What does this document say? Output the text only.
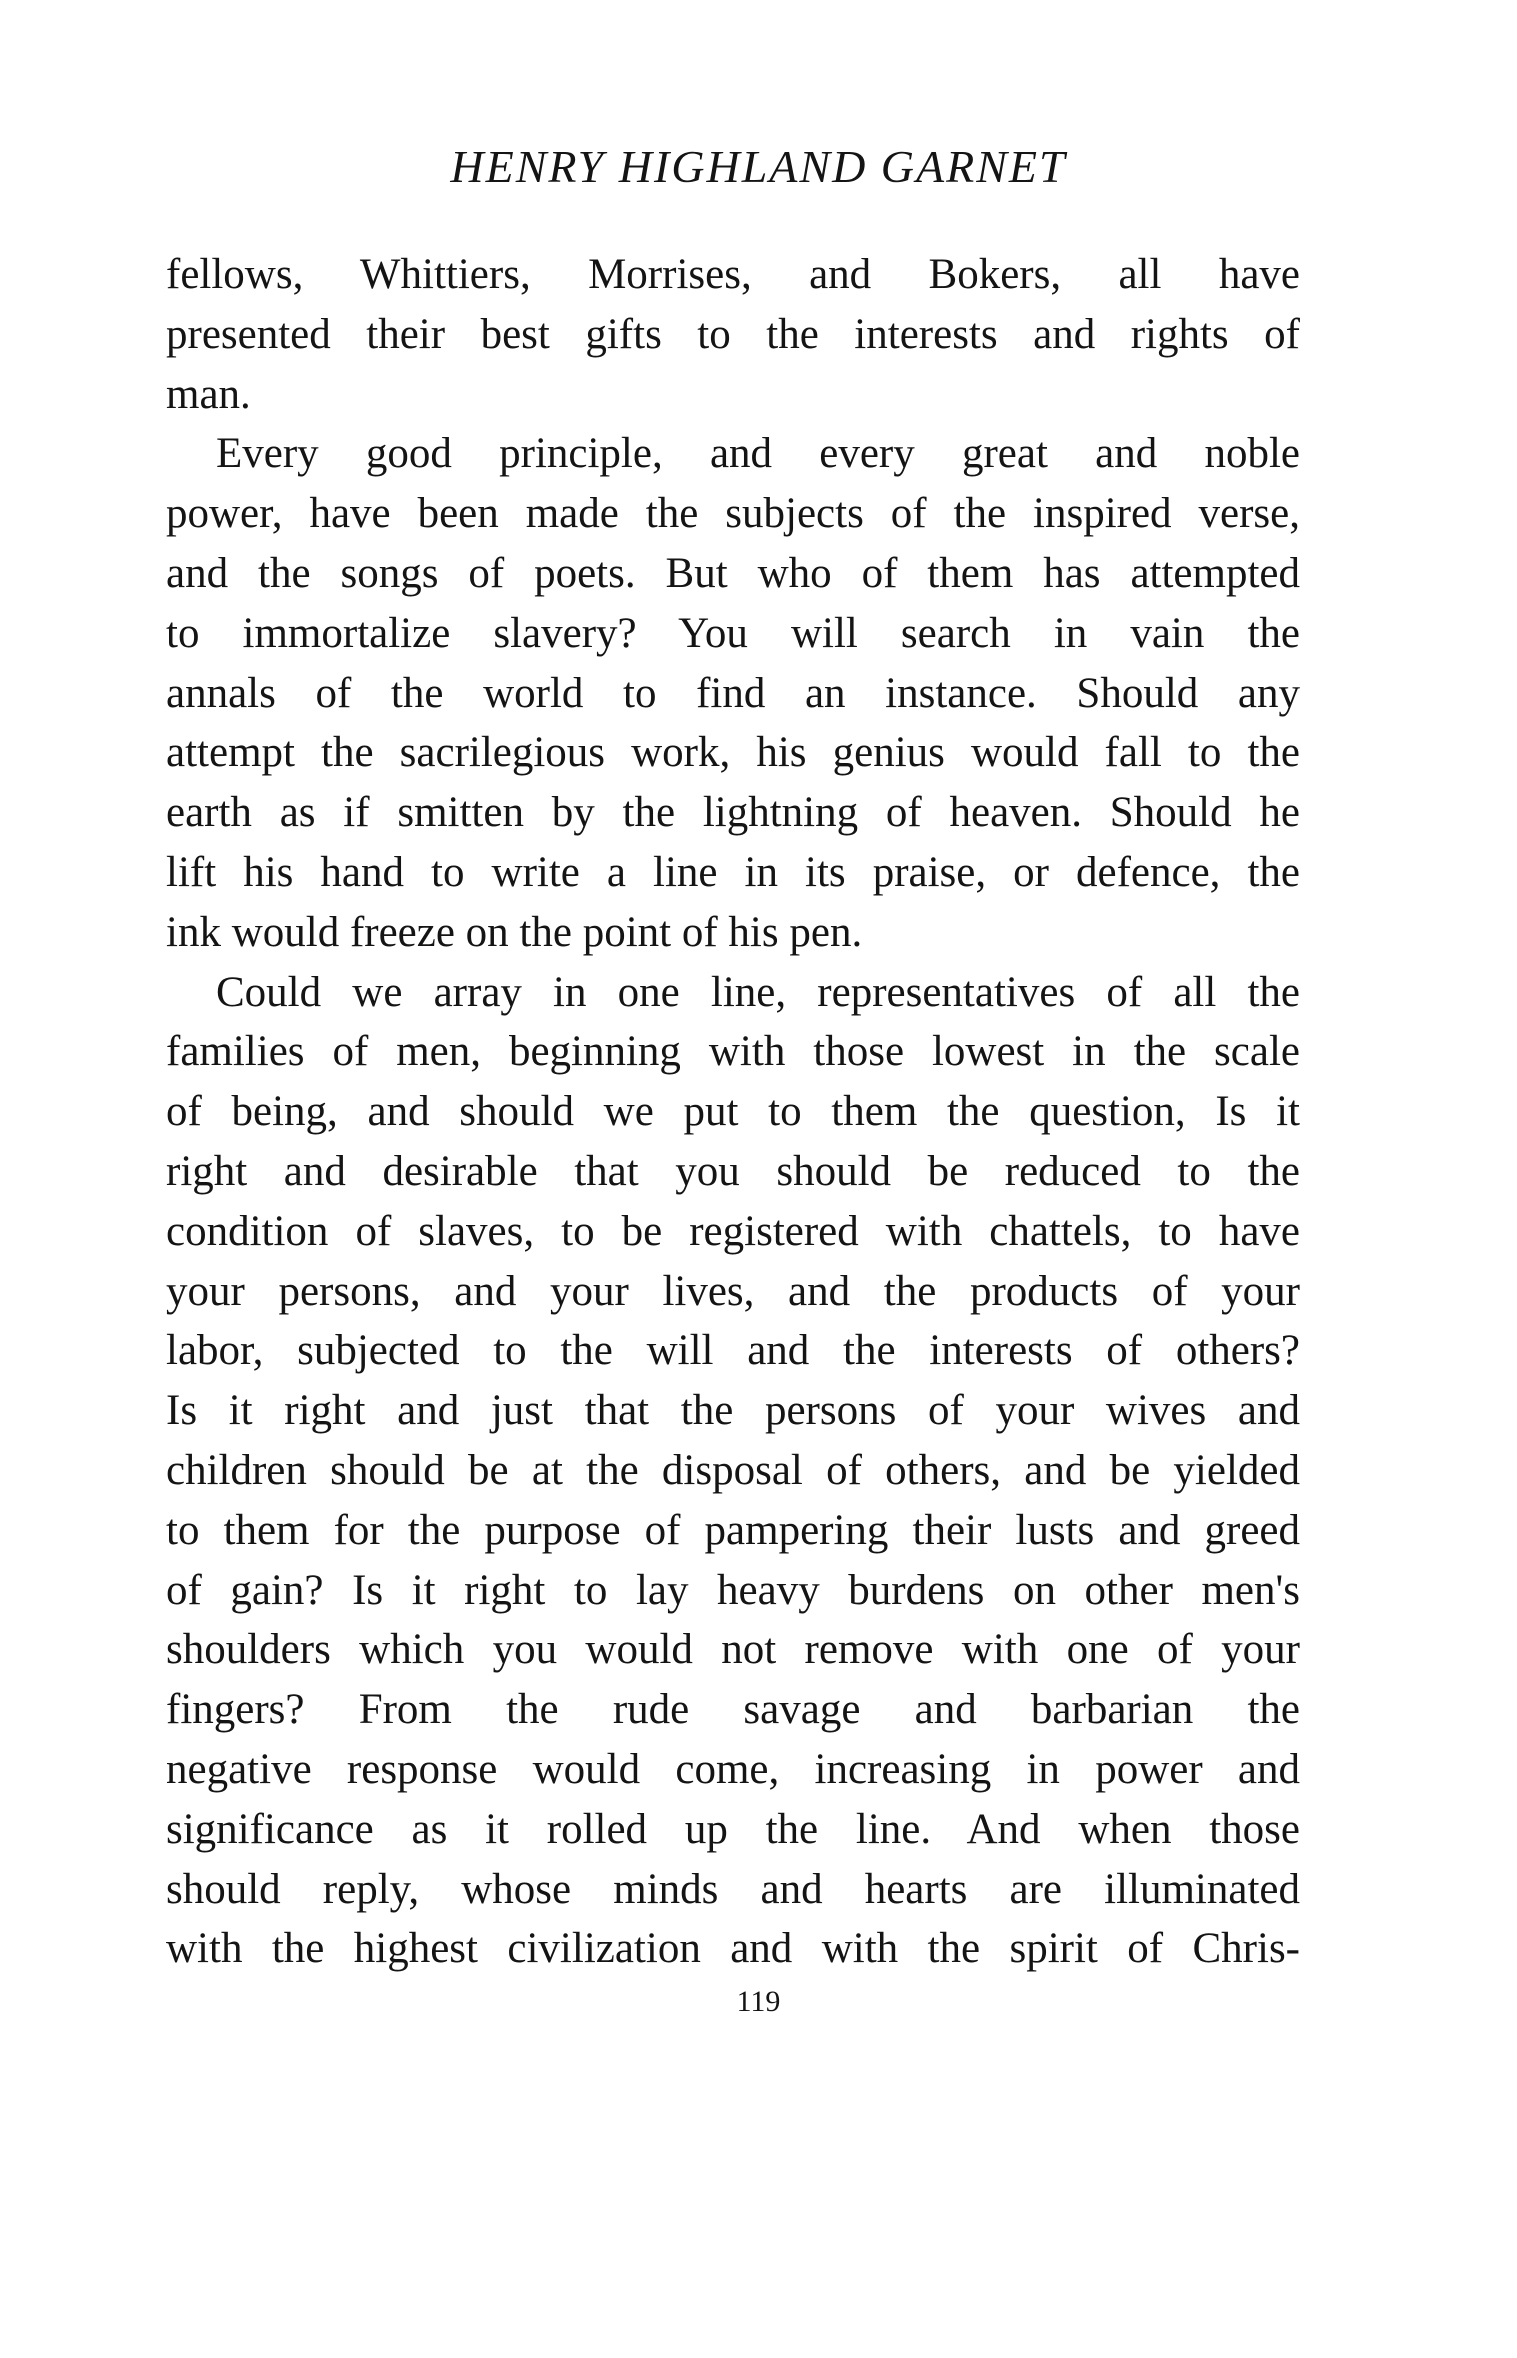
HENRY HIGHLAND GARNET
fellows, Whittiers, Morrises, and Bokers, all have
presented their best gifts to the interests and rights of
man.
Every good principle, and every great and noble
power, have been made the subjects of the inspired verse,
and the songs of poets. But who of them has attempted
to immortalize slavery? You will search in vain the
annals of the world to find an instance. Should any
attempt the sacrilegious work, his genius would fall to the
earth as if smitten by the lightning of heaven. Should he
lift his hand to write a line in its praise, or defence, the
ink would freeze on the point of his pen.
Could we array in one line, representatives of all the
families of men, beginning with those lowest in the scale
of being, and should we put to them the question, Is it
right and desirable that you should be reduced to the
condition of slaves, to be registered with chattels, to have
your persons, and your lives, and the products of your
labor, subjected to the will and the interests of others?
Is it right and just that the persons of your wives and
children should be at the disposal of others, and be yielded
to them for the purpose of pampering their lusts and greed
of gain? Is it right to lay heavy burdens on other men's
shoulders which you would not remove with one of your
fingers? From the rude savage and barbarian the
negative response would come, increasing in power and
significance as it rolled up the line. And when those
should reply, whose minds and hearts are illuminated
with the highest civilization and with the spirit of Chris-
119
